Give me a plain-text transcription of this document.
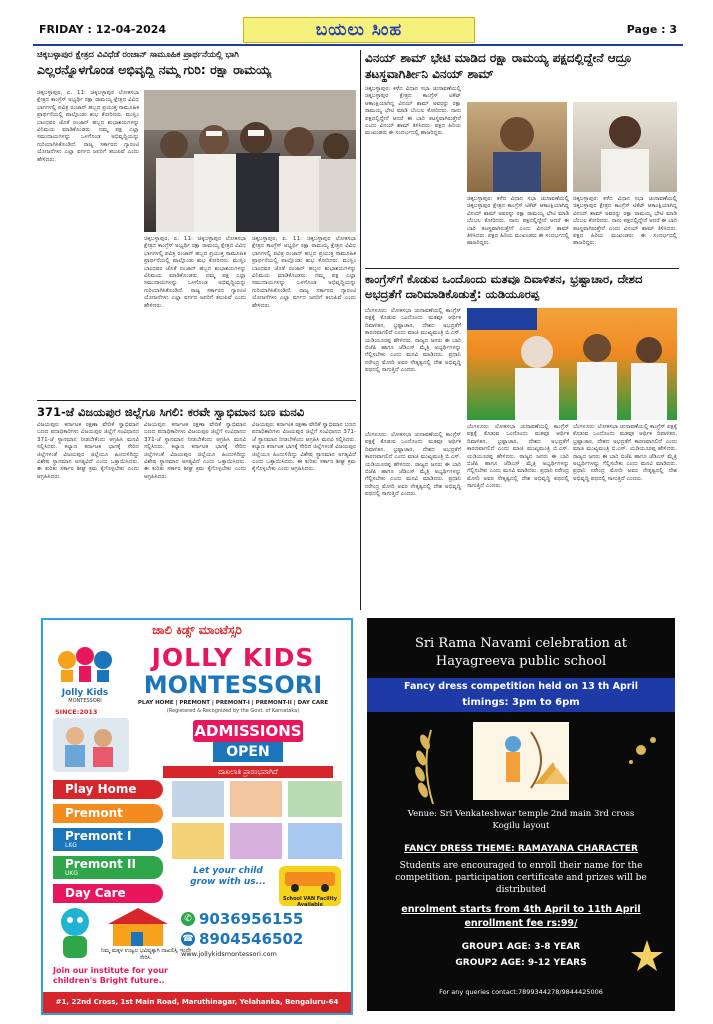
FRIDAY : 12-04-2024	ಬಯಲು ಸಿಂಹ	Page : 3
ಚಿಕ್ಕಬಳ್ಳಾಪುರ ಕ್ಷೇತ್ರದ ವಿವಿಧೆಡೆ ರಂಜಾನ್ ಸಾಮೂಹಿಕ ಪ್ರಾರ್ಥನೆಯಲ್ಲಿ ಭಾಗಿ
ಎಲ್ಲರನ್ನೊಳಗೊಂಡ ಅಭಿವೃದ್ಧಿ ನಮ್ಮ ಗುರಿ: ರಕ್ಷಾ ರಾಮಯ್ಯ
ಚಿಕ್ಕಬಳ್ಳಾಪುರ, ಏ. 11: ಚಿಕ್ಕಬಳ್ಳಾಪುರ ಲೋಕಸಭಾ ಕ್ಷೇತ್ರದ ಕಾಂಗ್ರೆಸ್ ಅಭ್ಯರ್ಥಿ ರಕ್ಷಾ ರಾಮಯ್ಯ ಕ್ಷೇತ್ರದ ವಿವಿಧ ಭಾಗಗಳಲ್ಲಿ ಪವಿತ್ರ ರಂಜಾನ್ ಹಬ್ಬದ ಪ್ರಯುಕ್ತ ಸಾಮೂಹಿಕ ಪ್ರಾರ್ಥನೆಯಲ್ಲಿ ಪಾಲ್ಗೊಂಡು ಶುಭ ಕೋರಿದರು. ಮುಸ್ಲಿಂ ಬಾಂಧವರ ಜೊತೆ ರಂಜಾನ್ ಹಬ್ಬದ ಶುಭಾಶಯಗಳನ್ನು ವಿನಿಮಯ ಮಾಡಿಕೊಂಡರು. ನಮ್ಮ ಪಕ್ಷ ಎಲ್ಲಾ ಸಮುದಾಯಗಳನ್ನು ಒಳಗೊಂಡ ಅಭಿವೃದ್ಧಿಯನ್ನು ಗುರಿಯಾಗಿಸಿಕೊಂಡಿದೆ. ರಾಜ್ಯ ಸರ್ಕಾರದ ಗ್ಯಾರಂಟಿ ಯೋಜನೆಗಳು ಎಲ್ಲಾ ವರ್ಗದ ಜನರಿಗೆ ತಲುಪಿವೆ ಎಂದು ಹೇಳಿದರು.
ಚಿಕ್ಕಬಳ್ಳಾಪುರ, ಏ. 11: ಚಿಕ್ಕಬಳ್ಳಾಪುರ ಲೋಕಸಭಾ ಕ್ಷೇತ್ರದ ಕಾಂಗ್ರೆಸ್ ಅಭ್ಯರ್ಥಿ ರಕ್ಷಾ ರಾಮಯ್ಯ ಕ್ಷೇತ್ರದ ವಿವಿಧ ಭಾಗಗಳಲ್ಲಿ ಪವಿತ್ರ ರಂಜಾನ್ ಹಬ್ಬದ ಪ್ರಯುಕ್ತ ಸಾಮೂಹಿಕ ಪ್ರಾರ್ಥನೆಯಲ್ಲಿ ಪಾಲ್ಗೊಂಡು ಶುಭ ಕೋರಿದರು. ಮುಸ್ಲಿಂ ಬಾಂಧವರ ಜೊತೆ ರಂಜಾನ್ ಹಬ್ಬದ ಶುಭಾಶಯಗಳನ್ನು ವಿನಿಮಯ ಮಾಡಿಕೊಂಡರು. ನಮ್ಮ ಪಕ್ಷ ಎಲ್ಲಾ ಸಮುದಾಯಗಳನ್ನು ಒಳಗೊಂಡ ಅಭಿವೃದ್ಧಿಯನ್ನು ಗುರಿಯಾಗಿಸಿಕೊಂಡಿದೆ. ರಾಜ್ಯ ಸರ್ಕಾರದ ಗ್ಯಾರಂಟಿ ಯೋಜನೆಗಳು ಎಲ್ಲಾ ವರ್ಗದ ಜನರಿಗೆ ತಲುಪಿವೆ ಎಂದು ಹೇಳಿದರು.
ಚಿಕ್ಕಬಳ್ಳಾಪುರ, ಏ. 11: ಚಿಕ್ಕಬಳ್ಳಾಪುರ ಲೋಕಸಭಾ ಕ್ಷೇತ್ರದ ಕಾಂಗ್ರೆಸ್ ಅಭ್ಯರ್ಥಿ ರಕ್ಷಾ ರಾಮಯ್ಯ ಕ್ಷೇತ್ರದ ವಿವಿಧ ಭಾಗಗಳಲ್ಲಿ ಪವಿತ್ರ ರಂಜಾನ್ ಹಬ್ಬದ ಪ್ರಯುಕ್ತ ಸಾಮೂಹಿಕ ಪ್ರಾರ್ಥನೆಯಲ್ಲಿ ಪಾಲ್ಗೊಂಡು ಶುಭ ಕೋರಿದರು. ಮುಸ್ಲಿಂ ಬಾಂಧವರ ಜೊತೆ ರಂಜಾನ್ ಹಬ್ಬದ ಶುಭಾಶಯಗಳನ್ನು ವಿನಿಮಯ ಮಾಡಿಕೊಂಡರು. ನಮ್ಮ ಪಕ್ಷ ಎಲ್ಲಾ ಸಮುದಾಯಗಳನ್ನು ಒಳಗೊಂಡ ಅಭಿವೃದ್ಧಿಯನ್ನು ಗುರಿಯಾಗಿಸಿಕೊಂಡಿದೆ. ರಾಜ್ಯ ಸರ್ಕಾರದ ಗ್ಯಾರಂಟಿ ಯೋಜನೆಗಳು ಎಲ್ಲಾ ವರ್ಗದ ಜನರಿಗೆ ತಲುಪಿವೆ ಎಂದು ಹೇಳಿದರು.
371-ಜೆ ವಿಜಯಪುರ ಜಿಲ್ಲೆಗೂ ಸಿಗಲಿ: ಕರವೇ ಸ್ವಾಭಿಮಾನ ಬಣ ಮನವಿ
ವಿಜಯಪುರ: ಕರ್ನಾಟಕ ರಕ್ಷಣಾ ವೇದಿಕೆ ಸ್ವಾಭಿಮಾನ ಬಣದ ಪದಾಧಿಕಾರಿಗಳು ವಿಜಯಪುರ ಜಿಲ್ಲೆಗೆ ಸಂವಿಧಾನದ 371-ಜೆ ಸ್ಥಾನಮಾನ ನೀಡಬೇಕೆಂದು ಆಗ್ರಹಿಸಿ ಮನವಿ ಸಲ್ಲಿಸಿದರು. ಕಲ್ಯಾಣ ಕರ್ನಾಟಕ ಭಾಗಕ್ಕೆ ಸೇರಿದ ಜಿಲ್ಲೆಗಳಂತೆ ವಿಜಯಪುರ ಜಿಲ್ಲೆಯೂ ಹಿಂದುಳಿದಿದ್ದು ವಿಶೇಷ ಸ್ಥಾನಮಾನ ಅಗತ್ಯವಿದೆ ಎಂದು ಒತ್ತಾಯಿಸಿದರು. ಈ ಕುರಿತು ಸರ್ಕಾರ ಶೀಘ್ರ ಕ್ರಮ ಕೈಗೊಳ್ಳಬೇಕು ಎಂದು ಆಗ್ರಹಿಸಿದರು.
ವಿಜಯಪುರ: ಕರ್ನಾಟಕ ರಕ್ಷಣಾ ವೇದಿಕೆ ಸ್ವಾಭಿಮಾನ ಬಣದ ಪದಾಧಿಕಾರಿಗಳು ವಿಜಯಪುರ ಜಿಲ್ಲೆಗೆ ಸಂವಿಧಾನದ 371-ಜೆ ಸ್ಥಾನಮಾನ ನೀಡಬೇಕೆಂದು ಆಗ್ರಹಿಸಿ ಮನವಿ ಸಲ್ಲಿಸಿದರು. ಕಲ್ಯಾಣ ಕರ್ನಾಟಕ ಭಾಗಕ್ಕೆ ಸೇರಿದ ಜಿಲ್ಲೆಗಳಂತೆ ವಿಜಯಪುರ ಜಿಲ್ಲೆಯೂ ಹಿಂದುಳಿದಿದ್ದು ವಿಶೇಷ ಸ್ಥಾನಮಾನ ಅಗತ್ಯವಿದೆ ಎಂದು ಒತ್ತಾಯಿಸಿದರು. ಈ ಕುರಿತು ಸರ್ಕಾರ ಶೀಘ್ರ ಕ್ರಮ ಕೈಗೊಳ್ಳಬೇಕು ಎಂದು ಆಗ್ರಹಿಸಿದರು.
ವಿಜಯಪುರ: ಕರ್ನಾಟಕ ರಕ್ಷಣಾ ವೇದಿಕೆ ಸ್ವಾಭಿಮಾನ ಬಣದ ಪದಾಧಿಕಾರಿಗಳು ವಿಜಯಪುರ ಜಿಲ್ಲೆಗೆ ಸಂವಿಧಾನದ 371-ಜೆ ಸ್ಥಾನಮಾನ ನೀಡಬೇಕೆಂದು ಆಗ್ರಹಿಸಿ ಮನವಿ ಸಲ್ಲಿಸಿದರು. ಕಲ್ಯಾಣ ಕರ್ನಾಟಕ ಭಾಗಕ್ಕೆ ಸೇರಿದ ಜಿಲ್ಲೆಗಳಂತೆ ವಿಜಯಪುರ ಜಿಲ್ಲೆಯೂ ಹಿಂದುಳಿದಿದ್ದು ವಿಶೇಷ ಸ್ಥಾನಮಾನ ಅಗತ್ಯವಿದೆ ಎಂದು ಒತ್ತಾಯಿಸಿದರು. ಈ ಕುರಿತು ಸರ್ಕಾರ ಶೀಘ್ರ ಕ್ರಮ ಕೈಗೊಳ್ಳಬೇಕು ಎಂದು ಆಗ್ರಹಿಸಿದರು.
ವಿನಯ್ ಶಾಮ್ ಭೇಟಿ ಮಾಡಿದ ರಕ್ಷಾ ರಾಮಯ್ಯ ಪಕ್ಷದಲ್ಲಿದ್ದೇನೆ ಆದ್ರೂ ತಟಸ್ಥವಾಗಿರ್ತೀನಿ ವಿನಯ್ ಶಾಮ್
ಚಿಕ್ಕಬಳ್ಳಾಪುರ: ಕಳೆದ ವಿಧಾನ ಸಭಾ ಚುನಾವಣೆಯಲ್ಲಿ ಚಿಕ್ಕಬಳ್ಳಾಪುರ ಕ್ಷೇತ್ರದ ಕಾಂಗ್ರೆಸ್ ಟಿಕೆಟ್ ಆಕಾಂಕ್ಷಿಯಾಗಿದ್ದ ವಿನಯ್ ಶಾಮ್ ಅವರನ್ನು ರಕ್ಷಾ ರಾಮಯ್ಯ ಭೇಟಿ ಮಾಡಿ ಬೆಂಬಲ ಕೋರಿದರು. ನಾನು ಪಕ್ಷದಲ್ಲಿದ್ದೇನೆ ಆದರೆ ಈ ಬಾರಿ ತಟಸ್ಥವಾಗಿರುತ್ತೇನೆ ಎಂದು ವಿನಯ್ ಶಾಮ್ ತಿಳಿಸಿದರು. ಪಕ್ಷದ ಹಿರಿಯ ಮುಖಂಡರು ಈ ಸಂದರ್ಭದಲ್ಲಿ ಹಾಜರಿದ್ದರು.
ಚಿಕ್ಕಬಳ್ಳಾಪುರ: ಕಳೆದ ವಿಧಾನ ಸಭಾ ಚುನಾವಣೆಯಲ್ಲಿ ಚಿಕ್ಕಬಳ್ಳಾಪುರ ಕ್ಷೇತ್ರದ ಕಾಂಗ್ರೆಸ್ ಟಿಕೆಟ್ ಆಕಾಂಕ್ಷಿಯಾಗಿದ್ದ ವಿನಯ್ ಶಾಮ್ ಅವರನ್ನು ರಕ್ಷಾ ರಾಮಯ್ಯ ಭೇಟಿ ಮಾಡಿ ಬೆಂಬಲ ಕೋರಿದರು. ನಾನು ಪಕ್ಷದಲ್ಲಿದ್ದೇನೆ ಆದರೆ ಈ ಬಾರಿ ತಟಸ್ಥವಾಗಿರುತ್ತೇನೆ ಎಂದು ವಿನಯ್ ಶಾಮ್ ತಿಳಿಸಿದರು. ಪಕ್ಷದ ಹಿರಿಯ ಮುಖಂಡರು ಈ ಸಂದರ್ಭದಲ್ಲಿ ಹಾಜರಿದ್ದರು.
ಚಿಕ್ಕಬಳ್ಳಾಪುರ: ಕಳೆದ ವಿಧಾನ ಸಭಾ ಚುನಾವಣೆಯಲ್ಲಿ ಚಿಕ್ಕಬಳ್ಳಾಪುರ ಕ್ಷೇತ್ರದ ಕಾಂಗ್ರೆಸ್ ಟಿಕೆಟ್ ಆಕಾಂಕ್ಷಿಯಾಗಿದ್ದ ವಿನಯ್ ಶಾಮ್ ಅವರನ್ನು ರಕ್ಷಾ ರಾಮಯ್ಯ ಭೇಟಿ ಮಾಡಿ ಬೆಂಬಲ ಕೋರಿದರು. ನಾನು ಪಕ್ಷದಲ್ಲಿದ್ದೇನೆ ಆದರೆ ಈ ಬಾರಿ ತಟಸ್ಥವಾಗಿರುತ್ತೇನೆ ಎಂದು ವಿನಯ್ ಶಾಮ್ ತಿಳಿಸಿದರು. ಪಕ್ಷದ ಹಿರಿಯ ಮುಖಂಡರು ಈ ಸಂದರ್ಭದಲ್ಲಿ ಹಾಜರಿದ್ದರು.
ಕಾಂಗ್ರೆಸ್‌ಗೆ ಕೊಡುವ ಒಂದೊಂದು ಮತವೂ ದಿವಾಳಿತನ, ಭ್ರಷ್ಟಾಚಾರ, ದೇಶದ ಅಭದ್ರತೆಗೆ ದಾರಿಮಾಡಿಕೊಡುತ್ತೆ: ಯಡಿಯೂರಪ್ಪ
ಬೆಂಗಳೂರು: ಲೋಕಸಭಾ ಚುನಾವಣೆಯಲ್ಲಿ ಕಾಂಗ್ರೆಸ್ ಪಕ್ಷಕ್ಕೆ ಕೊಡುವ ಒಂದೊಂದು ಮತವೂ ಆರ್ಥಿಕ ದಿವಾಳಿತನ, ಭ್ರಷ್ಟಾಚಾರ, ದೇಶದ ಅಭದ್ರತೆಗೆ ಕಾರಣವಾಗಲಿದೆ ಎಂದು ಮಾಜಿ ಮುಖ್ಯಮಂತ್ರಿ ಬಿ.ಎಸ್. ಯಡಿಯೂರಪ್ಪ ಹೇಳಿದರು. ರಾಜ್ಯದ ಜನರು ಈ ಬಾರಿ ಬಿಜೆಪಿ ಹಾಗೂ ಜೆಡಿಎಸ್ ಮೈತ್ರಿ ಅಭ್ಯರ್ಥಿಗಳನ್ನು ಗೆಲ್ಲಿಸಬೇಕು ಎಂದು ಮನವಿ ಮಾಡಿದರು. ಪ್ರಧಾನಿ ನರೇಂದ್ರ ಮೋದಿ ಅವರ ನೇತೃತ್ವದಲ್ಲಿ ದೇಶ ಅಭಿವೃದ್ಧಿ ಪಥದಲ್ಲಿ ಸಾಗುತ್ತಿದೆ ಎಂದರು.
ಬೆಂಗಳೂರು: ಲೋಕಸಭಾ ಚುನಾವಣೆಯಲ್ಲಿ ಕಾಂಗ್ರೆಸ್ ಪಕ್ಷಕ್ಕೆ ಕೊಡುವ ಒಂದೊಂದು ಮತವೂ ಆರ್ಥಿಕ ದಿವಾಳಿತನ, ಭ್ರಷ್ಟಾಚಾರ, ದೇಶದ ಅಭದ್ರತೆಗೆ ಕಾರಣವಾಗಲಿದೆ ಎಂದು ಮಾಜಿ ಮುಖ್ಯಮಂತ್ರಿ ಬಿ.ಎಸ್. ಯಡಿಯೂರಪ್ಪ ಹೇಳಿದರು. ರಾಜ್ಯದ ಜನರು ಈ ಬಾರಿ ಬಿಜೆಪಿ ಹಾಗೂ ಜೆಡಿಎಸ್ ಮೈತ್ರಿ ಅಭ್ಯರ್ಥಿಗಳನ್ನು ಗೆಲ್ಲಿಸಬೇಕು ಎಂದು ಮನವಿ ಮಾಡಿದರು. ಪ್ರಧಾನಿ ನರೇಂದ್ರ ಮೋದಿ ಅವರ ನೇತೃತ್ವದಲ್ಲಿ ದೇಶ ಅಭಿವೃದ್ಧಿ ಪಥದಲ್ಲಿ ಸಾಗುತ್ತಿದೆ ಎಂದರು.
ಬೆಂಗಳೂರು: ಲೋಕಸಭಾ ಚುನಾವಣೆಯಲ್ಲಿ ಕಾಂಗ್ರೆಸ್ ಪಕ್ಷಕ್ಕೆ ಕೊಡುವ ಒಂದೊಂದು ಮತವೂ ಆರ್ಥಿಕ ದಿವಾಳಿತನ, ಭ್ರಷ್ಟಾಚಾರ, ದೇಶದ ಅಭದ್ರತೆಗೆ ಕಾರಣವಾಗಲಿದೆ ಎಂದು ಮಾಜಿ ಮುಖ್ಯಮಂತ್ರಿ ಬಿ.ಎಸ್. ಯಡಿಯೂರಪ್ಪ ಹೇಳಿದರು. ರಾಜ್ಯದ ಜನರು ಈ ಬಾರಿ ಬಿಜೆಪಿ ಹಾಗೂ ಜೆಡಿಎಸ್ ಮೈತ್ರಿ ಅಭ್ಯರ್ಥಿಗಳನ್ನು ಗೆಲ್ಲಿಸಬೇಕು ಎಂದು ಮನವಿ ಮಾಡಿದರು. ಪ್ರಧಾನಿ ನರೇಂದ್ರ ಮೋದಿ ಅವರ ನೇತೃತ್ವದಲ್ಲಿ ದೇಶ ಅಭಿವೃದ್ಧಿ ಪಥದಲ್ಲಿ ಸಾಗುತ್ತಿದೆ ಎಂದರು.
ಬೆಂಗಳೂರು: ಲೋಕಸಭಾ ಚುನಾವಣೆಯಲ್ಲಿ ಕಾಂಗ್ರೆಸ್ ಪಕ್ಷಕ್ಕೆ ಕೊಡುವ ಒಂದೊಂದು ಮತವೂ ಆರ್ಥಿಕ ದಿವಾಳಿತನ, ಭ್ರಷ್ಟಾಚಾರ, ದೇಶದ ಅಭದ್ರತೆಗೆ ಕಾರಣವಾಗಲಿದೆ ಎಂದು ಮಾಜಿ ಮುಖ್ಯಮಂತ್ರಿ ಬಿ.ಎಸ್. ಯಡಿಯೂರಪ್ಪ ಹೇಳಿದರು. ರಾಜ್ಯದ ಜನರು ಈ ಬಾರಿ ಬಿಜೆಪಿ ಹಾಗೂ ಜೆಡಿಎಸ್ ಮೈತ್ರಿ ಅಭ್ಯರ್ಥಿಗಳನ್ನು ಗೆಲ್ಲಿಸಬೇಕು ಎಂದು ಮನವಿ ಮಾಡಿದರು. ಪ್ರಧಾನಿ ನರೇಂದ್ರ ಮೋದಿ ಅವರ ನೇತೃತ್ವದಲ್ಲಿ ದೇಶ ಅಭಿವೃದ್ಧಿ ಪಥದಲ್ಲಿ ಸಾಗುತ್ತಿದೆ ಎಂದರು.
ಜಾಲಿ ಕಿಡ್ಸ್ ಮಾಂಟೆಸ್ಸರಿ
Jolly Kids
MONTESSORI
SINCE:2013
JOLLY KIDS
MONTESSORI
PLAY HOME | PREMONT | PREMONT-I | PREMONT-II | DAY CARE
(Registered & Recognized by the Govt. of Karnataka)
ADMISSIONS
OPEN
ದಾಖಲಾತಿ ಪ್ರಾರಂಭವಾಗಿದೆ
Play Home
Premont
Premont I
LKG
Premont II
UKG
Day Care
Let your child grow with us...
School VAN Facility Available
✆ 9036956155
☎ 8904546502
www.jollykidsmontessori.com
ನಿಮ್ಮ ಮಕ್ಕಳ ಉಜ್ವಲ ಭವಿಷ್ಯಕ್ಕಾಗಿ ದಾಖಲಿಸ್ಸಿ ಇಂದೇ ಸೇರಿಸಿ.
Join our institute for your
children's Bright future..
#1, 22nd Cross, 1st Main Road, Maruthinagar, Yelahanka, Bengaluru-64
Sri Rama Navami celebration at
Hayagreeva public school
Fancy dress competition held on 13 th April
timings: 3pm to 6pm
Venue: Sri Venkateshwar temple 2nd main 3rd cross
Kogilu layout
FANCY DRESS THEME: RAMAYANA CHARACTER
Students are encouraged to enroll their name for the competition. participation certificate and prizes will be distributed
enrolment starts from 4th April to 11th April
enrollment fee rs:99/
GROUP1 AGE: 3-8 YEAR
GROUP2 AGE: 9-12 YEARS
For any queries contact:7899344278/9844425006
